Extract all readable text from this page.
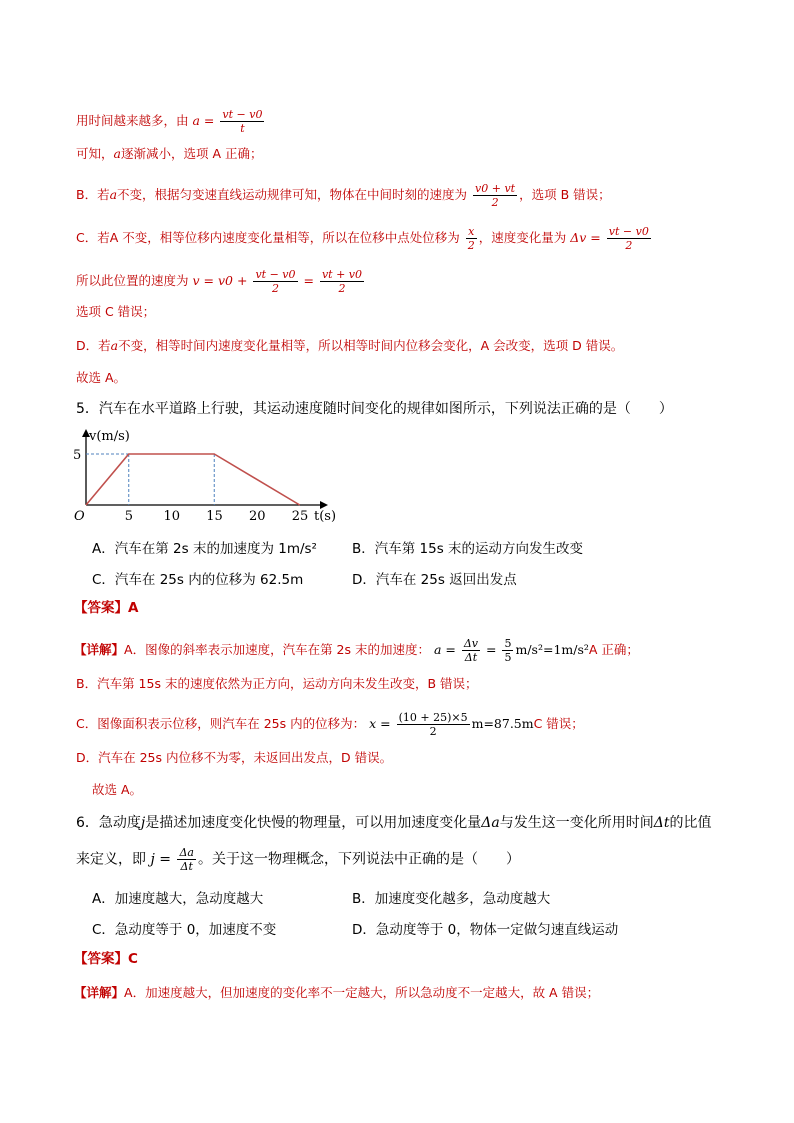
用时间越来越多，由 $a = \frac{vt - v0}{t}$
可知，a逐渐减小，选项 A 正确；
B．若a不变，根据匀变速直线运动规律可知，物体在中间时刻的速度为 $\frac{v0 + vt}{2}$ ，选项 B 错误；
C．若A 不变，相等位移内速度变化量相等，所以在位移中点处位移为 $\frac{x}{2}$ ，速度变化量为 $\Delta v = \frac{vt - v0}{2}$
所以此位置的速度为 $v = v0 + \frac{vt - v0}{2} = \frac{vt + v0}{2}$
选项 C 错误；
D．若a不变，相等时间内速度变化量相等，所以相等时间内位移会变化，A 会改变，选项 D 错误。
故选 A。
5．汽车在水平道路上行驶，其运动速度随时间变化的规律如图所示，下列说法正确的是（　　）
v(m/s)
O
5
5 10 15 20 25 t(s)
A．汽车在第 2s 末的加速度为 1m/s²	B．汽车第 15s 末的运动方向发生改变
C．汽车在 25s 内的位移为 62.5m	D．汽车在 25s 返回出发点
【答案】A
【详解】A．图像的斜率表示加速度，汽车在第 2s 末的加速度： $a = \frac{\Delta v}{\Delta t} = \frac{5}{5} m/s^2=1m/s^2A$ 正确；
B．汽车第 15s 末的速度依然为正方向，运动方向未发生改变，B 错误；
C．图像面积表示位移，则汽车在 25s 内的位移为： $x = \frac{(10 + 25)\times 5}{2} m=87.5mC$ 错误；
D．汽车在 25s 内位移不为零，未返回出发点，D 错误。
故选 A。
6．急动度j是描述加速度变化快慢的物理量，可以用加速度变化量Δa与发生这一变化所用时间Δt的比值
来定义，即 $j = \frac{\Delta a}{\Delta t}$ 。关于这一物理概念，下列说法中正确的是（　　）
A．加速度越大，急动度越大	B．加速度变化越多，急动度越大
C．急动度等于 0，加速度不变	D．急动度等于 0，物体一定做匀速直线运动
【答案】C
【详解】A．加速度越大，但加速度的变化率不一定越大，所以急动度不一定越大，故 A 错误；
